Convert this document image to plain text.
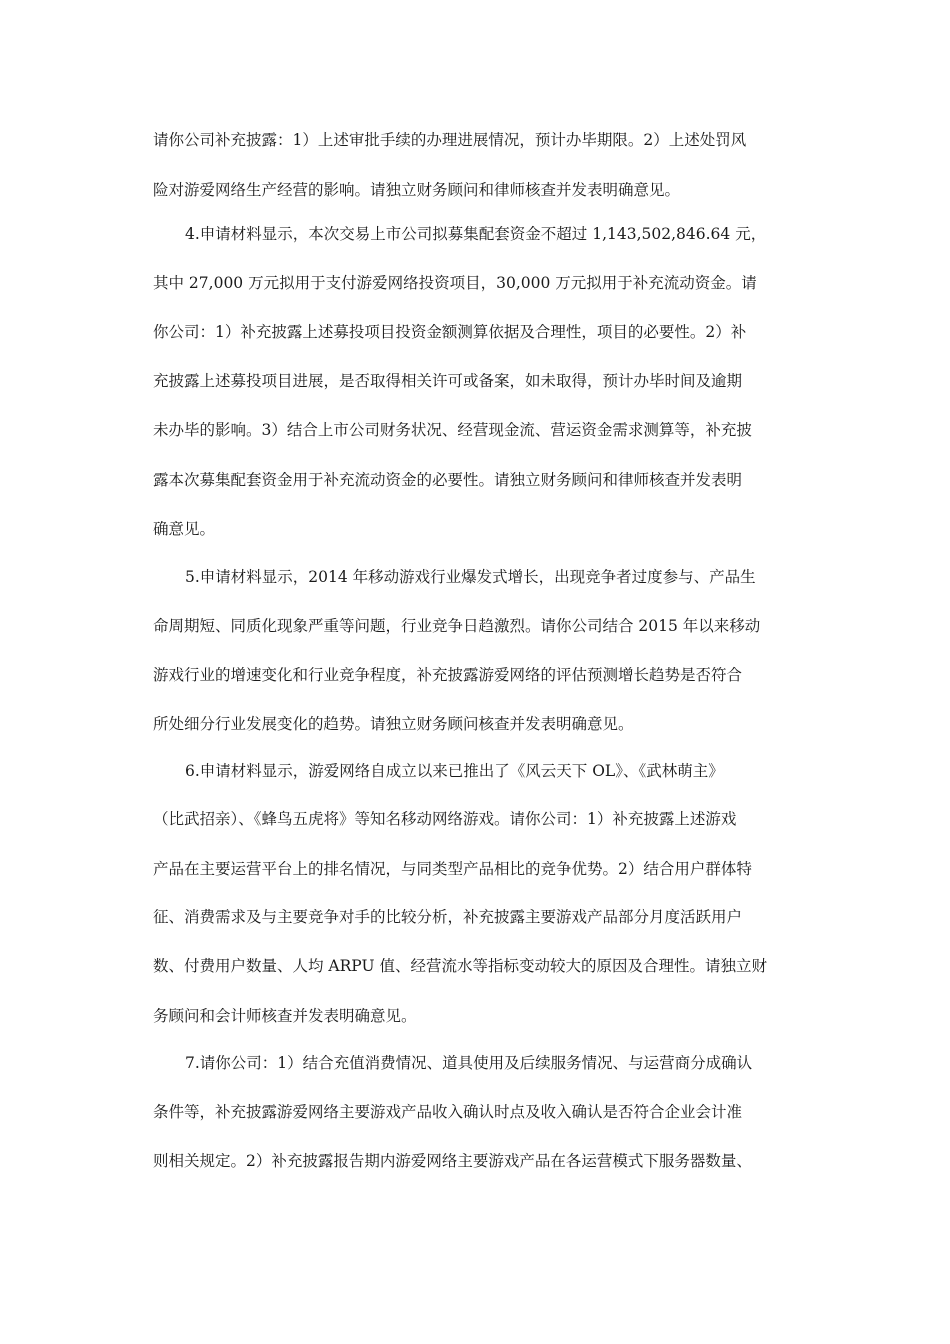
请你公司补充披露：1）上述审批手续的办理进展情况，预计办毕期限。2）上述处罚风
险对游爱网络生产经营的影响。请独立财务顾问和律师核查并发表明确意见。
4.申请材料显示，本次交易上市公司拟募集配套资金不超过 1,143,502,846.64 元，
其中 27,000 万元拟用于支付游爱网络投资项目，30,000 万元拟用于补充流动资金。请
你公司：1）补充披露上述募投项目投资金额测算依据及合理性，项目的必要性。2）补
充披露上述募投项目进展，是否取得相关许可或备案，如未取得，预计办毕时间及逾期
未办毕的影响。3）结合上市公司财务状况、经营现金流、营运资金需求测算等，补充披
露本次募集配套资金用于补充流动资金的必要性。请独立财务顾问和律师核查并发表明
确意见。
5.申请材料显示，2014 年移动游戏行业爆发式增长，出现竞争者过度参与、产品生
命周期短、同质化现象严重等问题，行业竞争日趋激烈。请你公司结合 2015 年以来移动
游戏行业的增速变化和行业竞争程度，补充披露游爱网络的评估预测增长趋势是否符合
所处细分行业发展变化的趋势。请独立财务顾问核查并发表明确意见。
6.申请材料显示，游爱网络自成立以来已推出了《风云天下 OL》、《武林萌主》
（比武招亲）、《蜂鸟五虎将》等知名移动网络游戏。请你公司：1）补充披露上述游戏
产品在主要运营平台上的排名情况，与同类型产品相比的竞争优势。2）结合用户群体特
征、消费需求及与主要竞争对手的比较分析，补充披露主要游戏产品部分月度活跃用户
数、付费用户数量、人均 ARPU 值、经营流水等指标变动较大的原因及合理性。请独立财
务顾问和会计师核查并发表明确意见。
7.请你公司：1）结合充值消费情况、道具使用及后续服务情况、与运营商分成确认
条件等，补充披露游爱网络主要游戏产品收入确认时点及收入确认是否符合企业会计准
则相关规定。2）补充披露报告期内游爱网络主要游戏产品在各运营模式下服务器数量、
